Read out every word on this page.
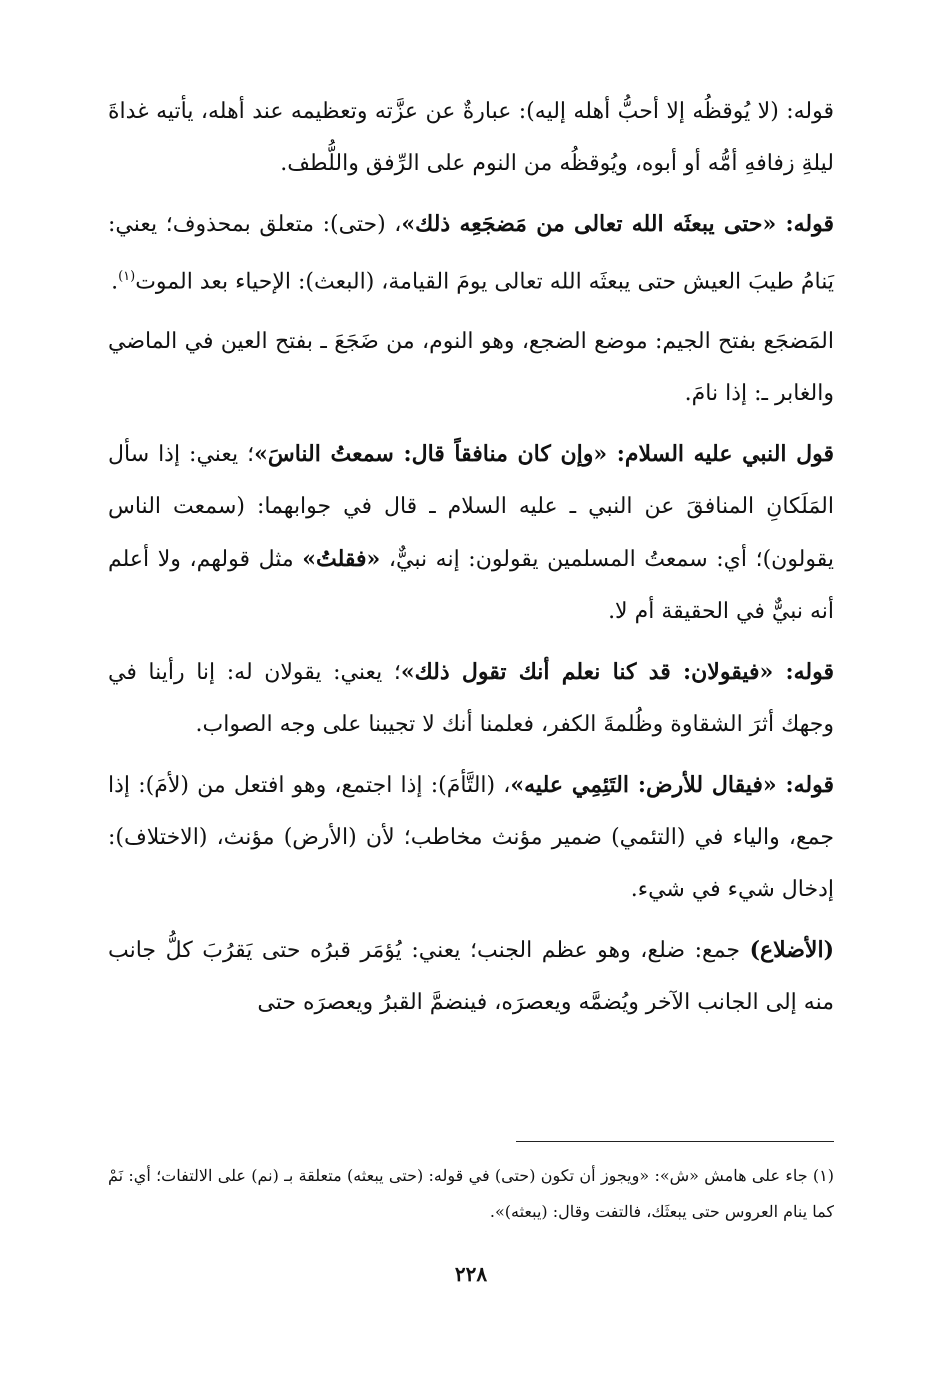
قوله: (لا يُوقظُه إلا أحبُّ أهله إليه): عبارةٌ عن عزَّته وتعظيمه عند أهله، يأتيه غداةَ ليلةِ زفافهِ أمُّه أو أبوه، ويُوقظُه من النوم على الرِّفق واللُّطف.

قوله: «حتى يبعثَه الله تعالى من مَضجَعِه ذلك»، (حتى): متعلق بمحذوف؛ يعني: يَنامُ طيبَ العيش حتى يبعثَه الله تعالى يومَ القيامة، (البعث): الإحياء بعد الموت$^{(١)}$.

المَضجَع بفتح الجيم: موضع الضجع، وهو النوم، من ضَجَعَ ـ بفتح العين في الماضي والغابر ـ: إذا نامَ.

قول النبي عليه السلام: «وإن كان منافقاً قال: سمعتُ الناسَ»؛ يعني: إذا سأل المَلَكانِ المنافقَ عن النبي ـ عليه السلام ـ قال في جوابهما: (سمعت الناس يقولون)؛ أي: سمعتُ المسلمين يقولون: إنه نبيٌّ، «فقلتُ» مثل قولهم، ولا أعلم أنه نبيٌّ في الحقيقة أم لا.

قوله: «فيقولان: قد كنا نعلم أنك تقول ذلك»؛ يعني: يقولان له: إنا رأينا في وجهك أثرَ الشقاوة وظُلمةَ الكفر، فعلمنا أنك لا تجيبنا على وجه الصواب.

قوله: «فيقال للأرض: التَئِمِي عليه»، (التَّأمَ): إذا اجتمع، وهو افتعل من (لأمَ): إذا جمع، والياء في (التئمي) ضمير مؤنث مخاطب؛ لأن (الأرض) مؤنث، (الاختلاف): إدخال شيء في شيء.

(الأضلاع) جمع: ضلع، وهو عظم الجنب؛ يعني: يُؤمَر قبرُه حتى يَقرُبَ كلُّ جانب منه إلى الجانب الآخر ويُضمَّه ويعصرَه، فينضمَّ القبرُ ويعصرَه حتى

(١) جاء على هامش «ش»: «ويجوز أن تكون (حتى) في قوله: (حتى يبعثه) متعلقة بـ (نم) على الالتفات؛ أي: نَمْ كما ينام العروس حتى يبعثَك، فالتفت وقال: (يبعثه)».

٢٢٨
